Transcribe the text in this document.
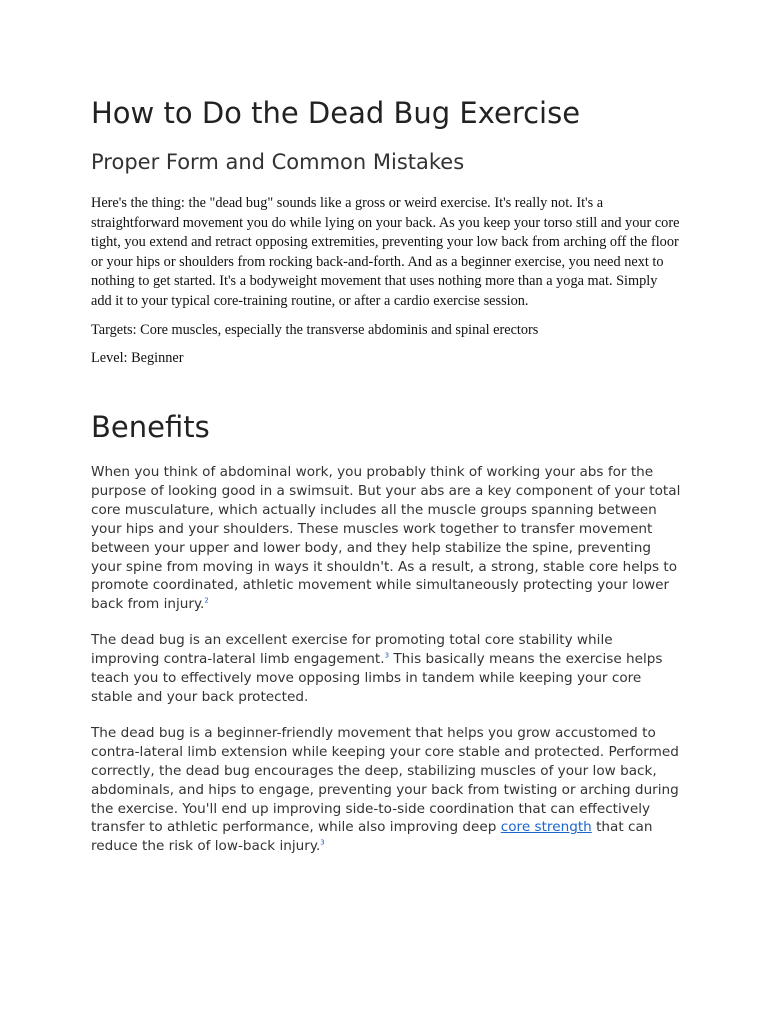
How to Do the Dead Bug Exercise
Proper Form and Common Mistakes

Here's the thing: the "dead bug" sounds like a gross or weird exercise. It's really not. It's a straightforward movement you do while lying on your back. As you keep your torso still and your core tight, you extend and retract opposing extremities, preventing your low back from arching off the floor or your hips or shoulders from rocking back-and-forth. And as a beginner exercise, you need next to nothing to get started. It's a bodyweight movement that uses nothing more than a yoga mat. Simply add it to your typical core-training routine, or after a cardio exercise session.

Targets: Core muscles, especially the transverse abdominis and spinal erectors

Level: Beginner

Benefits

When you think of abdominal work, you probably think of working your abs for the purpose of looking good in a swimsuit. But your abs are a key component of your total core musculature, which actually includes all the muscle groups spanning between your hips and your shoulders. These muscles work together to transfer movement between your upper and lower body, and they help stabilize the spine, preventing your spine from moving in ways it shouldn't. As a result, a strong, stable core helps to promote coordinated, athletic movement while simultaneously protecting your lower back from injury.$^2$

The dead bug is an excellent exercise for promoting total core stability while improving contra-lateral limb engagement.$^3$ This basically means the exercise helps teach you to effectively move opposing limbs in tandem while keeping your core stable and your back protected.

The dead bug is a beginner-friendly movement that helps you grow accustomed to contra-lateral limb extension while keeping your core stable and protected. Performed correctly, the dead bug encourages the deep, stabilizing muscles of your low back, abdominals, and hips to engage, preventing your back from twisting or arching during the exercise. You'll end up improving side-to-side coordination that can effectively transfer to athletic performance, while also improving deep core strength that can reduce the risk of low-back injury.$^3$
